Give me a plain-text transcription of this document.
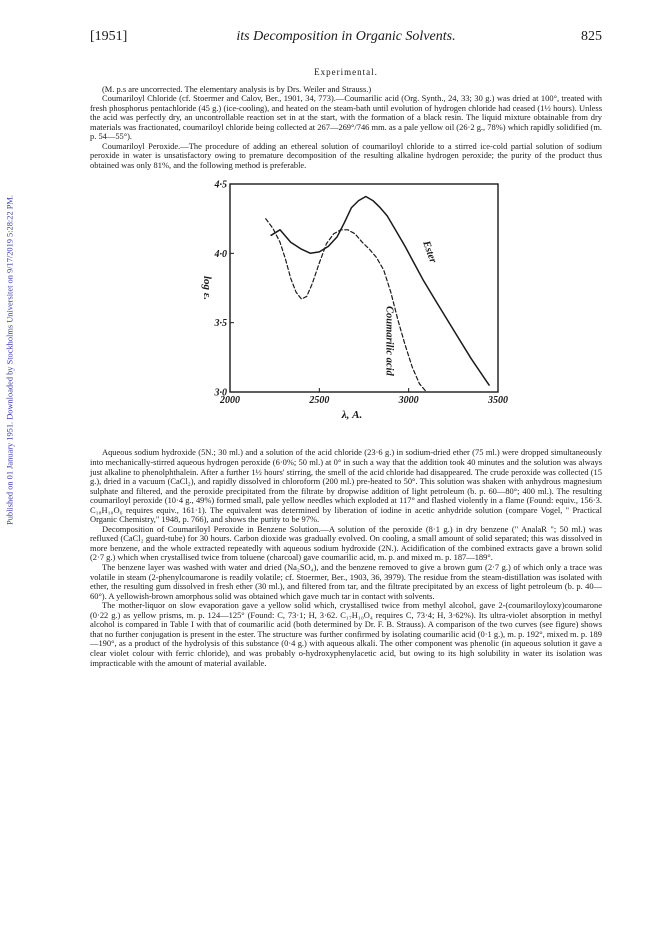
Published on 01 January 1951. Downloaded by Stockholms Universitet on 9/17/2019 5:28:22 PM.
[1951]	its Decomposition in Organic Solvents.	825

Experimental.

(M. p.s are uncorrected. The elementary analysis is by Drs. Weiler and Strauss.)

Coumariloyl Chloride (cf. Stoermer and Calov, Ber., 1901, 34, 773).—Coumarilic acid (Org. Synth., 24, 33; 30 g.) was dried at 100°, treated with fresh phosphorus pentachloride (45 g.) (ice-cooling), and heated on the steam-bath until evolution of hydrogen chloride had ceased (1½ hours). Unless the acid was perfectly dry, an uncontrollable reaction set in at the start, with the formation of a black resin. The liquid mixture obtainable from dry materials was fractionated, coumariloyl chloride being collected at 267—269°/746 mm. as a pale yellow oil (26·2 g., 78%) which rapidly solidified (m. p. 54—55°).

Coumariloyl Peroxide.—The procedure of adding an ethereal solution of coumariloyl chloride to a stirred ice-cold partial solution of sodium peroxide in water is unsatisfactory owing to premature decomposition of the resulting alkaline hydrogen peroxide; the purity of the product thus obtained was only 81%, and the following method is preferable.

2000	2500	3000	3500
3·0
3·5
4·0
4·5
λ, A.
log ε.
Ester
Coumarilic acid

Aqueous sodium hydroxide (5N.; 30 ml.) and a solution of the acid chloride (23·6 g.) in sodium-dried ether (75 ml.) were dropped simultaneously into mechanically-stirred aqueous hydrogen peroxide (6·0%; 50 ml.) at 0° in such a way that the addition took 40 minutes and the solution was always just alkaline to phenolphthalein. After a further 1½ hours' stirring, the smell of the acid chloride had disappeared. The crude peroxide was collected (15 g.), dried in a vacuum (CaCl₂), and rapidly dissolved in chloroform (200 ml.) pre-heated to 50°. This solution was shaken with anhydrous magnesium sulphate and filtered, and the peroxide precipitated from the filtrate by dropwise addition of light petroleum (b. p. 60—80°; 400 ml.). The resulting coumariloyl peroxide (10·4 g., 49%) formed small, pale yellow needles which exploded at 117° and flashed violently in a flame (Found: equiv., 156·3. C₁₈H₁₀O₆ requires equiv., 161·1). The equivalent was determined by liberation of iodine in acetic anhydride solution (compare Vogel, " Practical Organic Chemistry," 1948, p. 766), and shows the purity to be 97%.

Decomposition of Coumariloyl Peroxide in Benzene Solution.—A solution of the peroxide (8·1 g.) in dry benzene (" AnalaR "; 50 ml.) was refluxed (CaCl₂ guard-tube) for 30 hours. Carbon dioxide was gradually evolved. On cooling, a small amount of solid separated; this was dissolved in more benzene, and the whole extracted repeatedly with aqueous sodium hydroxide (2N.). Acidification of the combined extracts gave a brown solid (2·7 g.) which when crystallised twice from toluene (charcoal) gave coumarilic acid, m. p. and mixed m. p. 187—189°.

The benzene layer was washed with water and dried (Na₂SO₄), and the benzene removed to give a brown gum (2·7 g.) of which only a trace was volatile in steam (2-phenylcoumarone is readily volatile; cf. Stoermer, Ber., 1903, 36, 3979). The residue from the steam-distillation was isolated with ether, the resulting gum dissolved in fresh ether (30 ml.), and filtered from tar, and the filtrate precipitated by an excess of light petroleum (b. p. 40—60°). A yellowish-brown amorphous solid was obtained which gave much tar in contact with solvents.

The mother-liquor on slow evaporation gave a yellow solid which, crystallised twice from methyl alcohol, gave 2-(coumariloyloxy)coumarone (0·22 g.) as yellow prisms, m. p. 124—125° (Found: C, 73·1; H, 3·62. C₁₇H₁₀O₄ requires C, 73·4; H, 3·62%). Its ultra-violet absorption in methyl alcohol is compared in Table I with that of coumarilic acid (both determined by Dr. F. B. Strauss). A comparison of the two curves (see figure) shows that no further conjugation is present in the ester. The structure was further confirmed by isolating coumarilic acid (0·1 g.), m. p. 192°, mixed m. p. 189—190°, as a product of the hydrolysis of this substance (0·4 g.) with aqueous alkali. The other component was phenolic (in aqueous solution it gave a clear violet colour with ferric chloride), and was probably o-hydroxyphenylacetic acid, but owing to its high solubility in water its isolation was impracticable with the amount of material available.
